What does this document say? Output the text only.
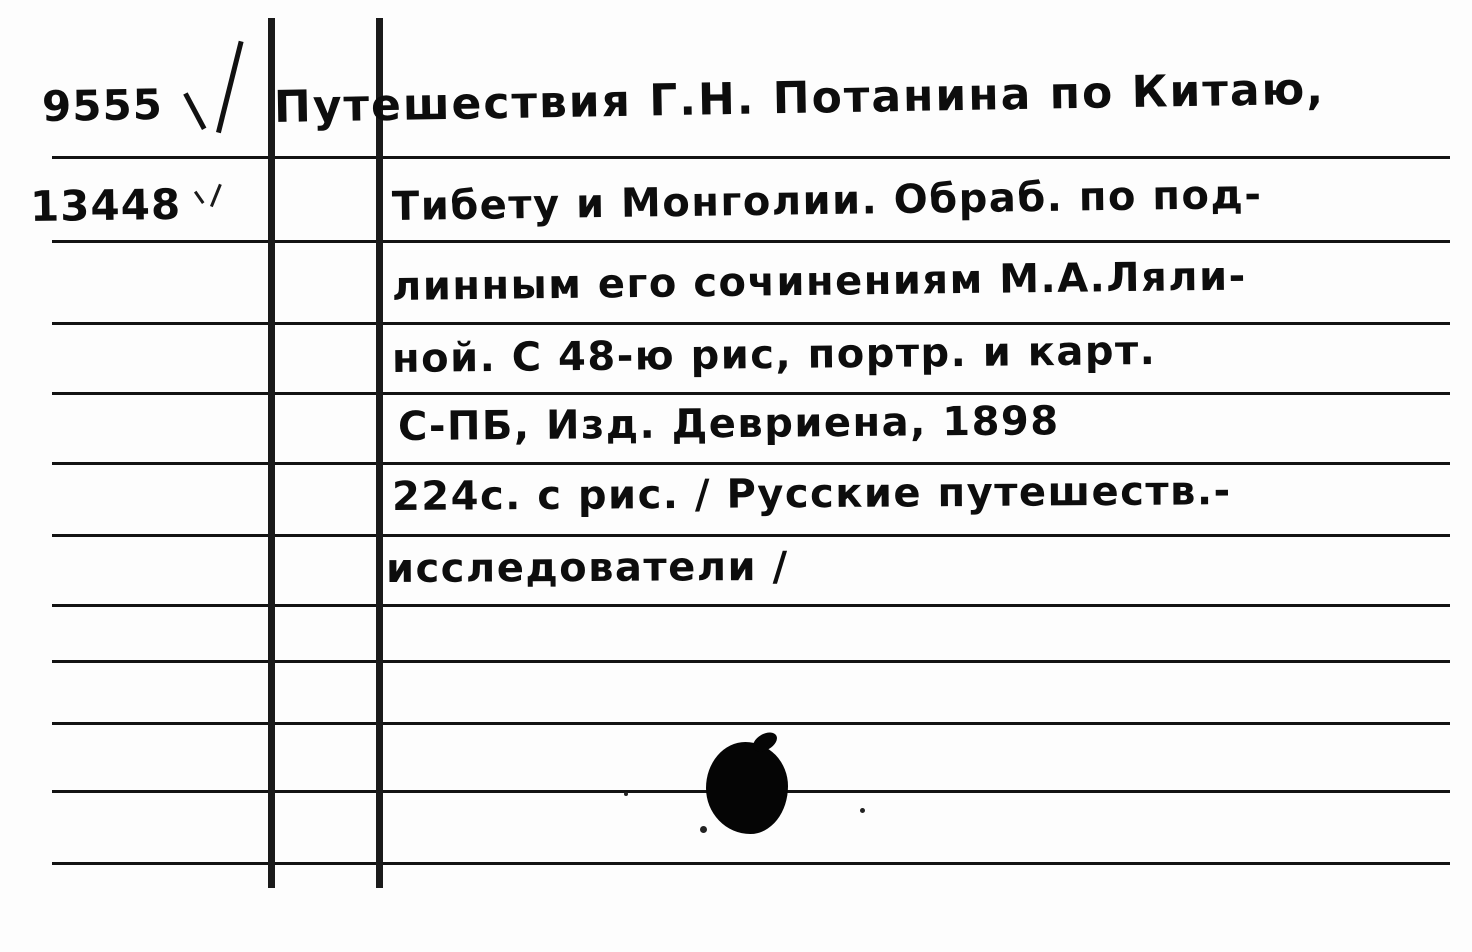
9555
13448
Путешествия Г.Н. Потанина по Китаю,
Тибету и Монголии. Обраб. по под-
линным его сочинениям М.А.Ляли-
ной. С 48-ю рис, портр. и карт.
С-ПБ, Изд. Девриена, 1898
224с. с рис. / Русские путешеств.-
исследователи /
